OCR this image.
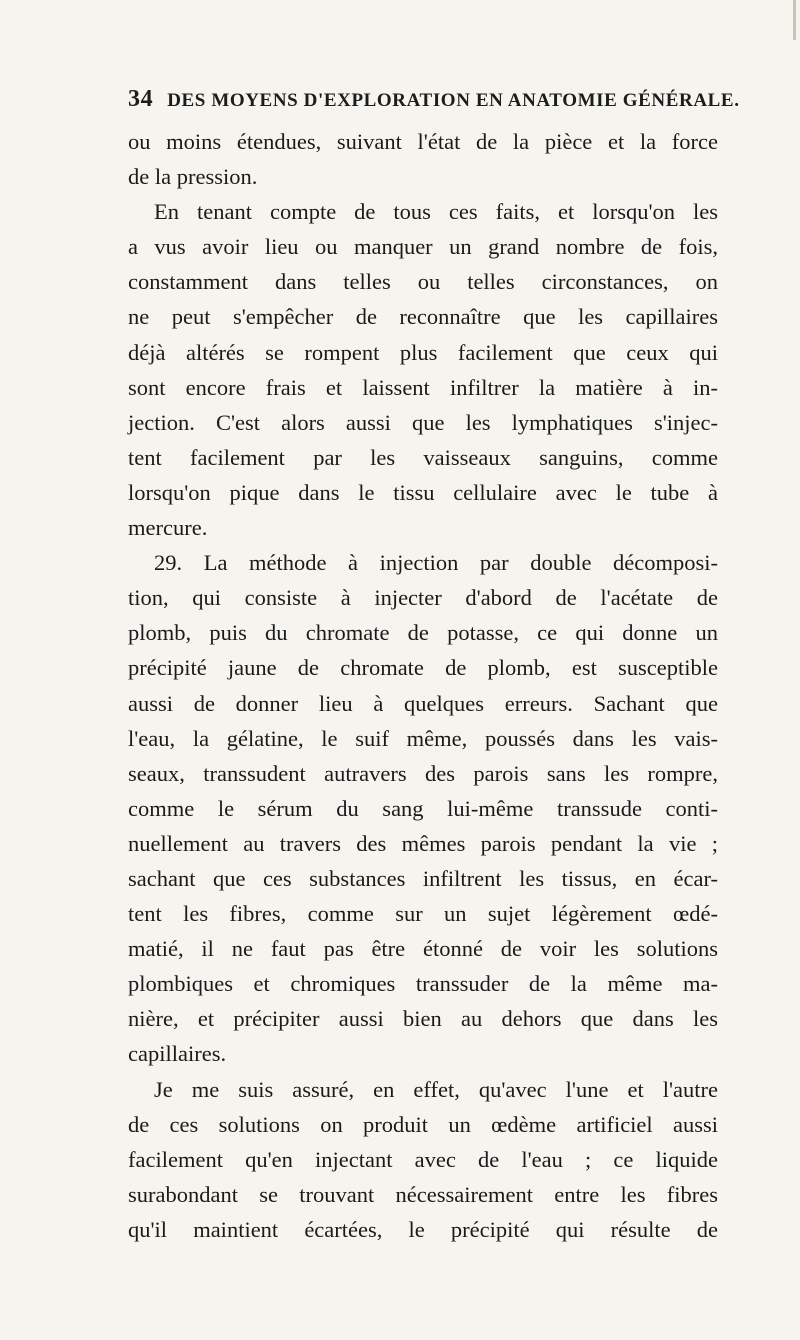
34 DES MOYENS D'EXPLORATION EN ANATOMIE GÉNÉRALE.
ou moins étendues, suivant l'état de la pièce et la force
de la pression.
En tenant compte de tous ces faits, et lorsqu'on les
a vus avoir lieu ou manquer un grand nombre de fois,
constamment dans telles ou telles circonstances, on
ne peut s'empêcher de reconnaître que les capillaires
déjà altérés se rompent plus facilement que ceux qui
sont encore frais et laissent infiltrer la matière à in-
jection. C'est alors aussi que les lymphatiques s'injec-
tent facilement par les vaisseaux sanguins, comme
lorsqu'on pique dans le tissu cellulaire avec le tube à
mercure.
29. La méthode à injection par double décomposi-
tion, qui consiste à injecter d'abord de l'acétate de
plomb, puis du chromate de potasse, ce qui donne un
précipité jaune de chromate de plomb, est susceptible
aussi de donner lieu à quelques erreurs. Sachant que
l'eau, la gélatine, le suif même, poussés dans les vais-
seaux, transsudent autravers des parois sans les rompre,
comme le sérum du sang lui-même transsude conti-
nuellement au travers des mêmes parois pendant la vie ;
sachant que ces substances infiltrent les tissus, en écar-
tent les fibres, comme sur un sujet légèrement œdé-
matié, il ne faut pas être étonné de voir les solutions
plombiques et chromiques transsuder de la même ma-
nière, et précipiter aussi bien au dehors que dans les
capillaires.
Je me suis assuré, en effet, qu'avec l'une et l'autre
de ces solutions on produit un œdème artificiel aussi
facilement qu'en injectant avec de l'eau ; ce liquide
surabondant se trouvant nécessairement entre les fibres
qu'il maintient écartées, le précipité qui résulte de
